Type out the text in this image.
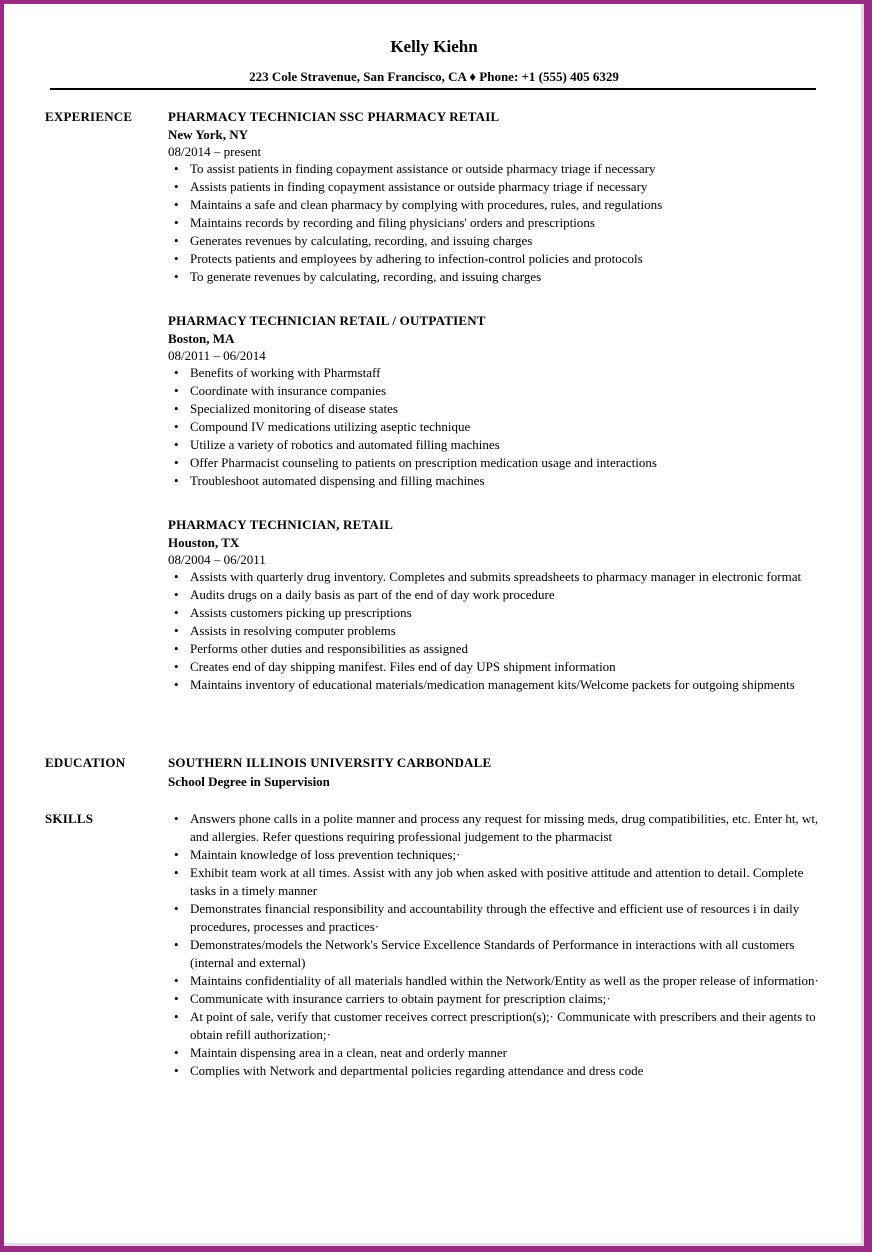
Kelly Kiehn
223 Cole Stravenue, San Francisco, CA ♦ Phone: +1 (555) 405 6329
EXPERIENCE	PHARMACY TECHNICIAN SSC PHARMACY RETAIL
New York, NY
08/2014 – present
• To assist patients in finding copayment assistance or outside pharmacy triage if necessary
• Assists patients in finding copayment assistance or outside pharmacy triage if necessary
• Maintains a safe and clean pharmacy by complying with procedures, rules, and regulations
• Maintains records by recording and filing physicians' orders and prescriptions
• Generates revenues by calculating, recording, and issuing charges
• Protects patients and employees by adhering to infection-control policies and protocols
• To generate revenues by calculating, recording, and issuing charges
PHARMACY TECHNICIAN RETAIL / OUTPATIENT
Boston, MA
08/2011 – 06/2014
• Benefits of working with Pharmstaff
• Coordinate with insurance companies
• Specialized monitoring of disease states
• Compound IV medications utilizing aseptic technique
• Utilize a variety of robotics and automated filling machines
• Offer Pharmacist counseling to patients on prescription medication usage and interactions
• Troubleshoot automated dispensing and filling machines
PHARMACY TECHNICIAN, RETAIL
Houston, TX
08/2004 – 06/2011
• Assists with quarterly drug inventory. Completes and submits spreadsheets to pharmacy manager in electronic format
• Audits drugs on a daily basis as part of the end of day work procedure
• Assists customers picking up prescriptions
• Assists in resolving computer problems
• Performs other duties and responsibilities as assigned
• Creates end of day shipping manifest. Files end of day UPS shipment information
• Maintains inventory of educational materials/medication management kits/Welcome packets for outgoing shipments
EDUCATION	SOUTHERN ILLINOIS UNIVERSITY CARBONDALE
School Degree in Supervision
SKILLS
•	Answers phone calls in a polite manner and process any request for missing meds, drug compatibilities, etc. Enter ht, wt, and allergies. Refer questions requiring professional judgement to the pharmacist
• Maintain knowledge of loss prevention techniques;·
• Exhibit team work at all times. Assist with any job when asked with positive attitude and attention to detail. Complete tasks in a timely manner
• Demonstrates financial responsibility and accountability through the effective and efficient use of resources i in daily procedures, processes and practices·
• Demonstrates/models the Network's Service Excellence Standards of Performance in interactions with all customers (internal and external)
• Maintains confidentiality of all materials handled within the Network/Entity as well as the proper release of information·
• Communicate with insurance carriers to obtain payment for prescription claims;·
• At point of sale, verify that customer receives correct prescription(s);· Communicate with prescribers and their agents to obtain refill authorization;·
• Maintain dispensing area in a clean, neat and orderly manner
• Complies with Network and departmental policies regarding attendance and dress code
